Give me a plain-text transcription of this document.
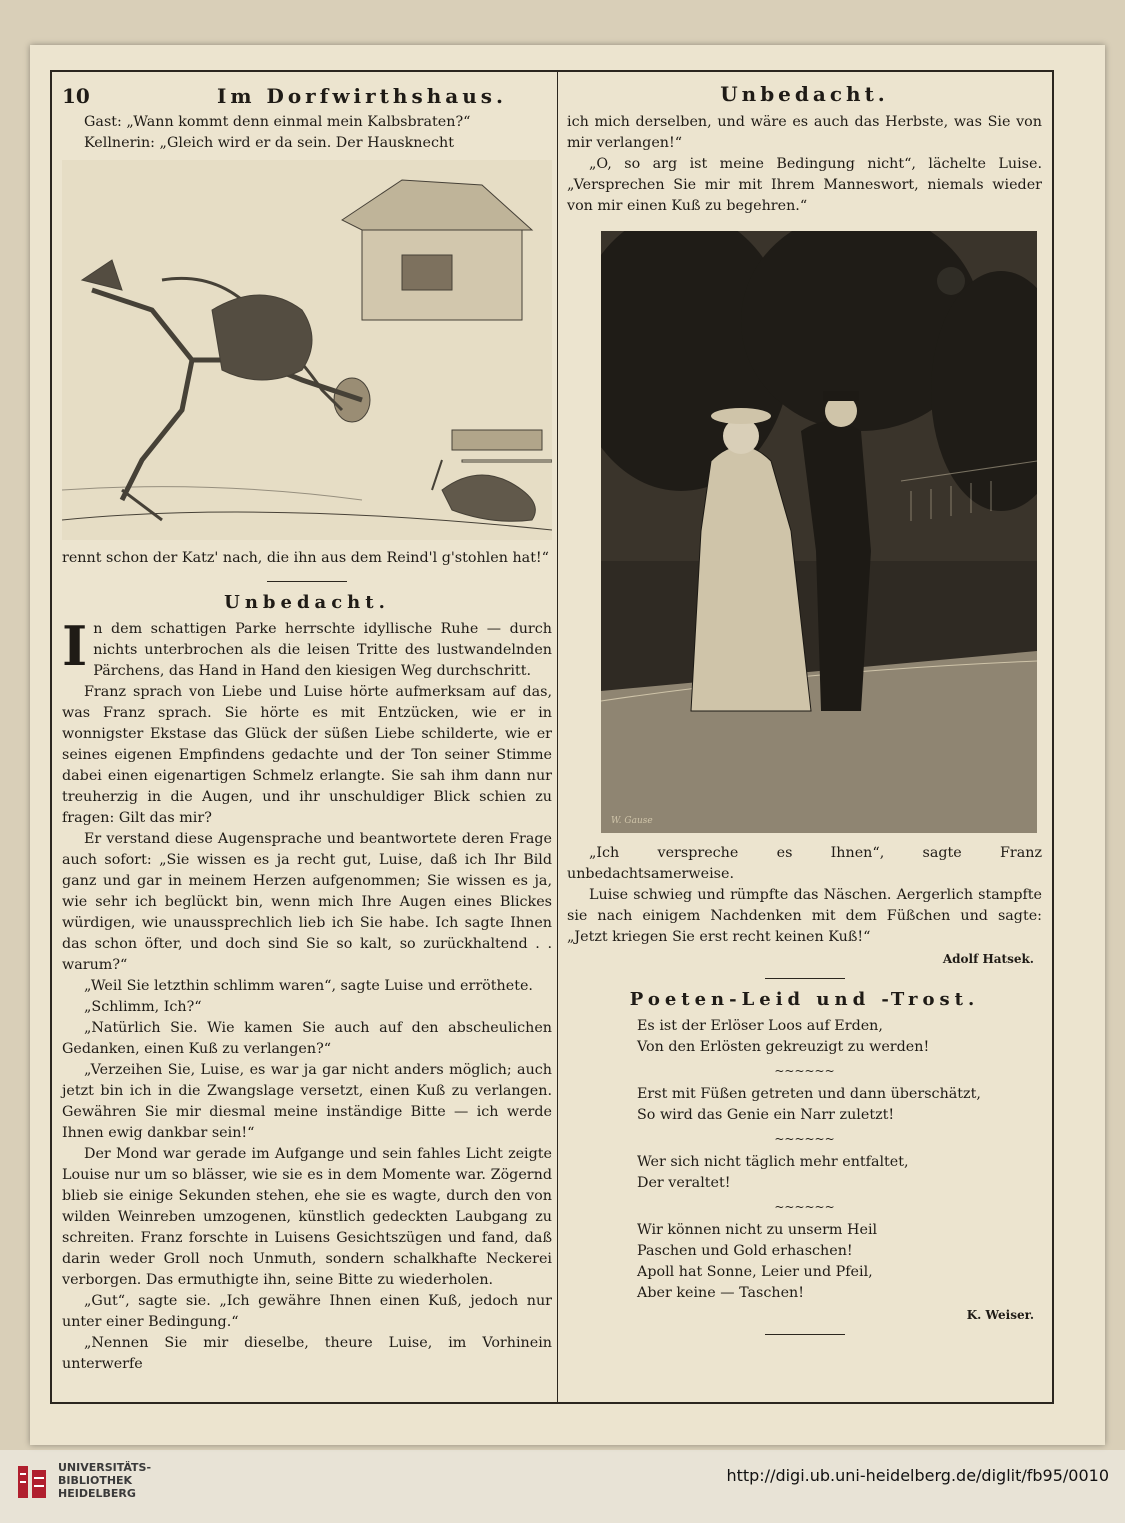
10	Im Dorfwirthshaus.

Gast: „Wann kommt denn einmal mein Kalbsbraten?“

Kellnerin: „Gleich wird er da sein. Der Hausknecht

rennt schon der Katz' nach, die ihn aus dem Reind'l g'stohlen hat!“

Unbedacht.

In dem schattigen Parke herrschte idyllische Ruhe — durch nichts unterbrochen als die leisen Tritte des lustwandelnden Pärchens, das Hand in Hand den kiesigen Weg durchschritt.

Franz sprach von Liebe und Luise hörte aufmerksam auf das, was Franz sprach. Sie hörte es mit Entzücken, wie er in wonnigster Ekstase das Glück der süßen Liebe schilderte, wie er seines eigenen Empfindens gedachte und der Ton seiner Stimme dabei einen eigenartigen Schmelz erlangte. Sie sah ihm dann nur treuherzig in die Augen, und ihr unschuldiger Blick schien zu fragen: Gilt das mir?

Er verstand diese Augensprache und beantwortete deren Frage auch sofort: „Sie wissen es ja recht gut, Luise, daß ich Ihr Bild ganz und gar in meinem Herzen aufgenommen; Sie wissen es ja, wie sehr ich beglückt bin, wenn mich Ihre Augen eines Blickes würdigen, wie unaussprechlich lieb ich Sie habe. Ich sagte Ihnen das schon öfter, und doch sind Sie so kalt, so zurückhaltend . . warum?“

„Weil Sie letzthin schlimm waren“, sagte Luise und erröthete.

„Schlimm, Ich?“

„Natürlich Sie. Wie kamen Sie auch auf den abscheulichen Gedanken, einen Kuß zu verlangen?“

„Verzeihen Sie, Luise, es war ja gar nicht anders möglich; auch jetzt bin ich in die Zwangslage versetzt, einen Kuß zu verlangen. Gewähren Sie mir diesmal meine inständige Bitte — ich werde Ihnen ewig dankbar sein!“

Der Mond war gerade im Aufgange und sein fahles Licht zeigte Louise nur um so blässer, wie sie es in dem Momente war. Zögernd blieb sie einige Sekunden stehen, ehe sie es wagte, durch den von wilden Weinreben umzogenen, künstlich gedeckten Laubgang zu schreiten. Franz forschte in Luisens Gesichtszügen und fand, daß darin weder Groll noch Unmuth, sondern schalkhafte Neckerei verborgen. Das ermuthigte ihn, seine Bitte zu wiederholen.

„Gut“, sagte sie. „Ich gewähre Ihnen einen Kuß, jedoch nur unter einer Bedingung.“

„Nennen Sie mir dieselbe, theure Luise, im Vorhinein unterwerfe

Unbedacht.

ich mich derselben, und wäre es auch das Herbste, was Sie von mir verlangen!“

„O, so arg ist meine Bedingung nicht“, lächelte Luise. „Versprechen Sie mir mit Ihrem Manneswort, niemals wieder von mir einen Kuß zu begehren.“

W. Gause

„Ich verspreche es Ihnen“, sagte Franz unbedachtsamerweise.

Luise schwieg und rümpfte das Näschen. Aergerlich stampfte sie nach einigem Nachdenken mit dem Füßchen und sagte: „Jetzt kriegen Sie erst recht keinen Kuß!“

Adolf Hatsek.
Poeten-Leid und -Trost.

Es ist der Erlöser Loos auf Erden,

Von den Erlösten gekreuzigt zu werden!

~~~~~~

Erst mit Füßen getreten und dann überschätzt,

So wird das Genie ein Narr zuletzt!

~~~~~~

Wer sich nicht täglich mehr entfaltet,

Der veraltet!

~~~~~~

Wir können nicht zu unserm Heil

Paschen und Gold erhaschen!

Apoll hat Sonne, Leier und Pfeil,

Aber keine — Taschen!

K. Weiser.
UNIVERSITÄTS-
BIBLIOTHEK
HEIDELBERG
http://digi.ub.uni-heidelberg.de/diglit/fb95/0010
